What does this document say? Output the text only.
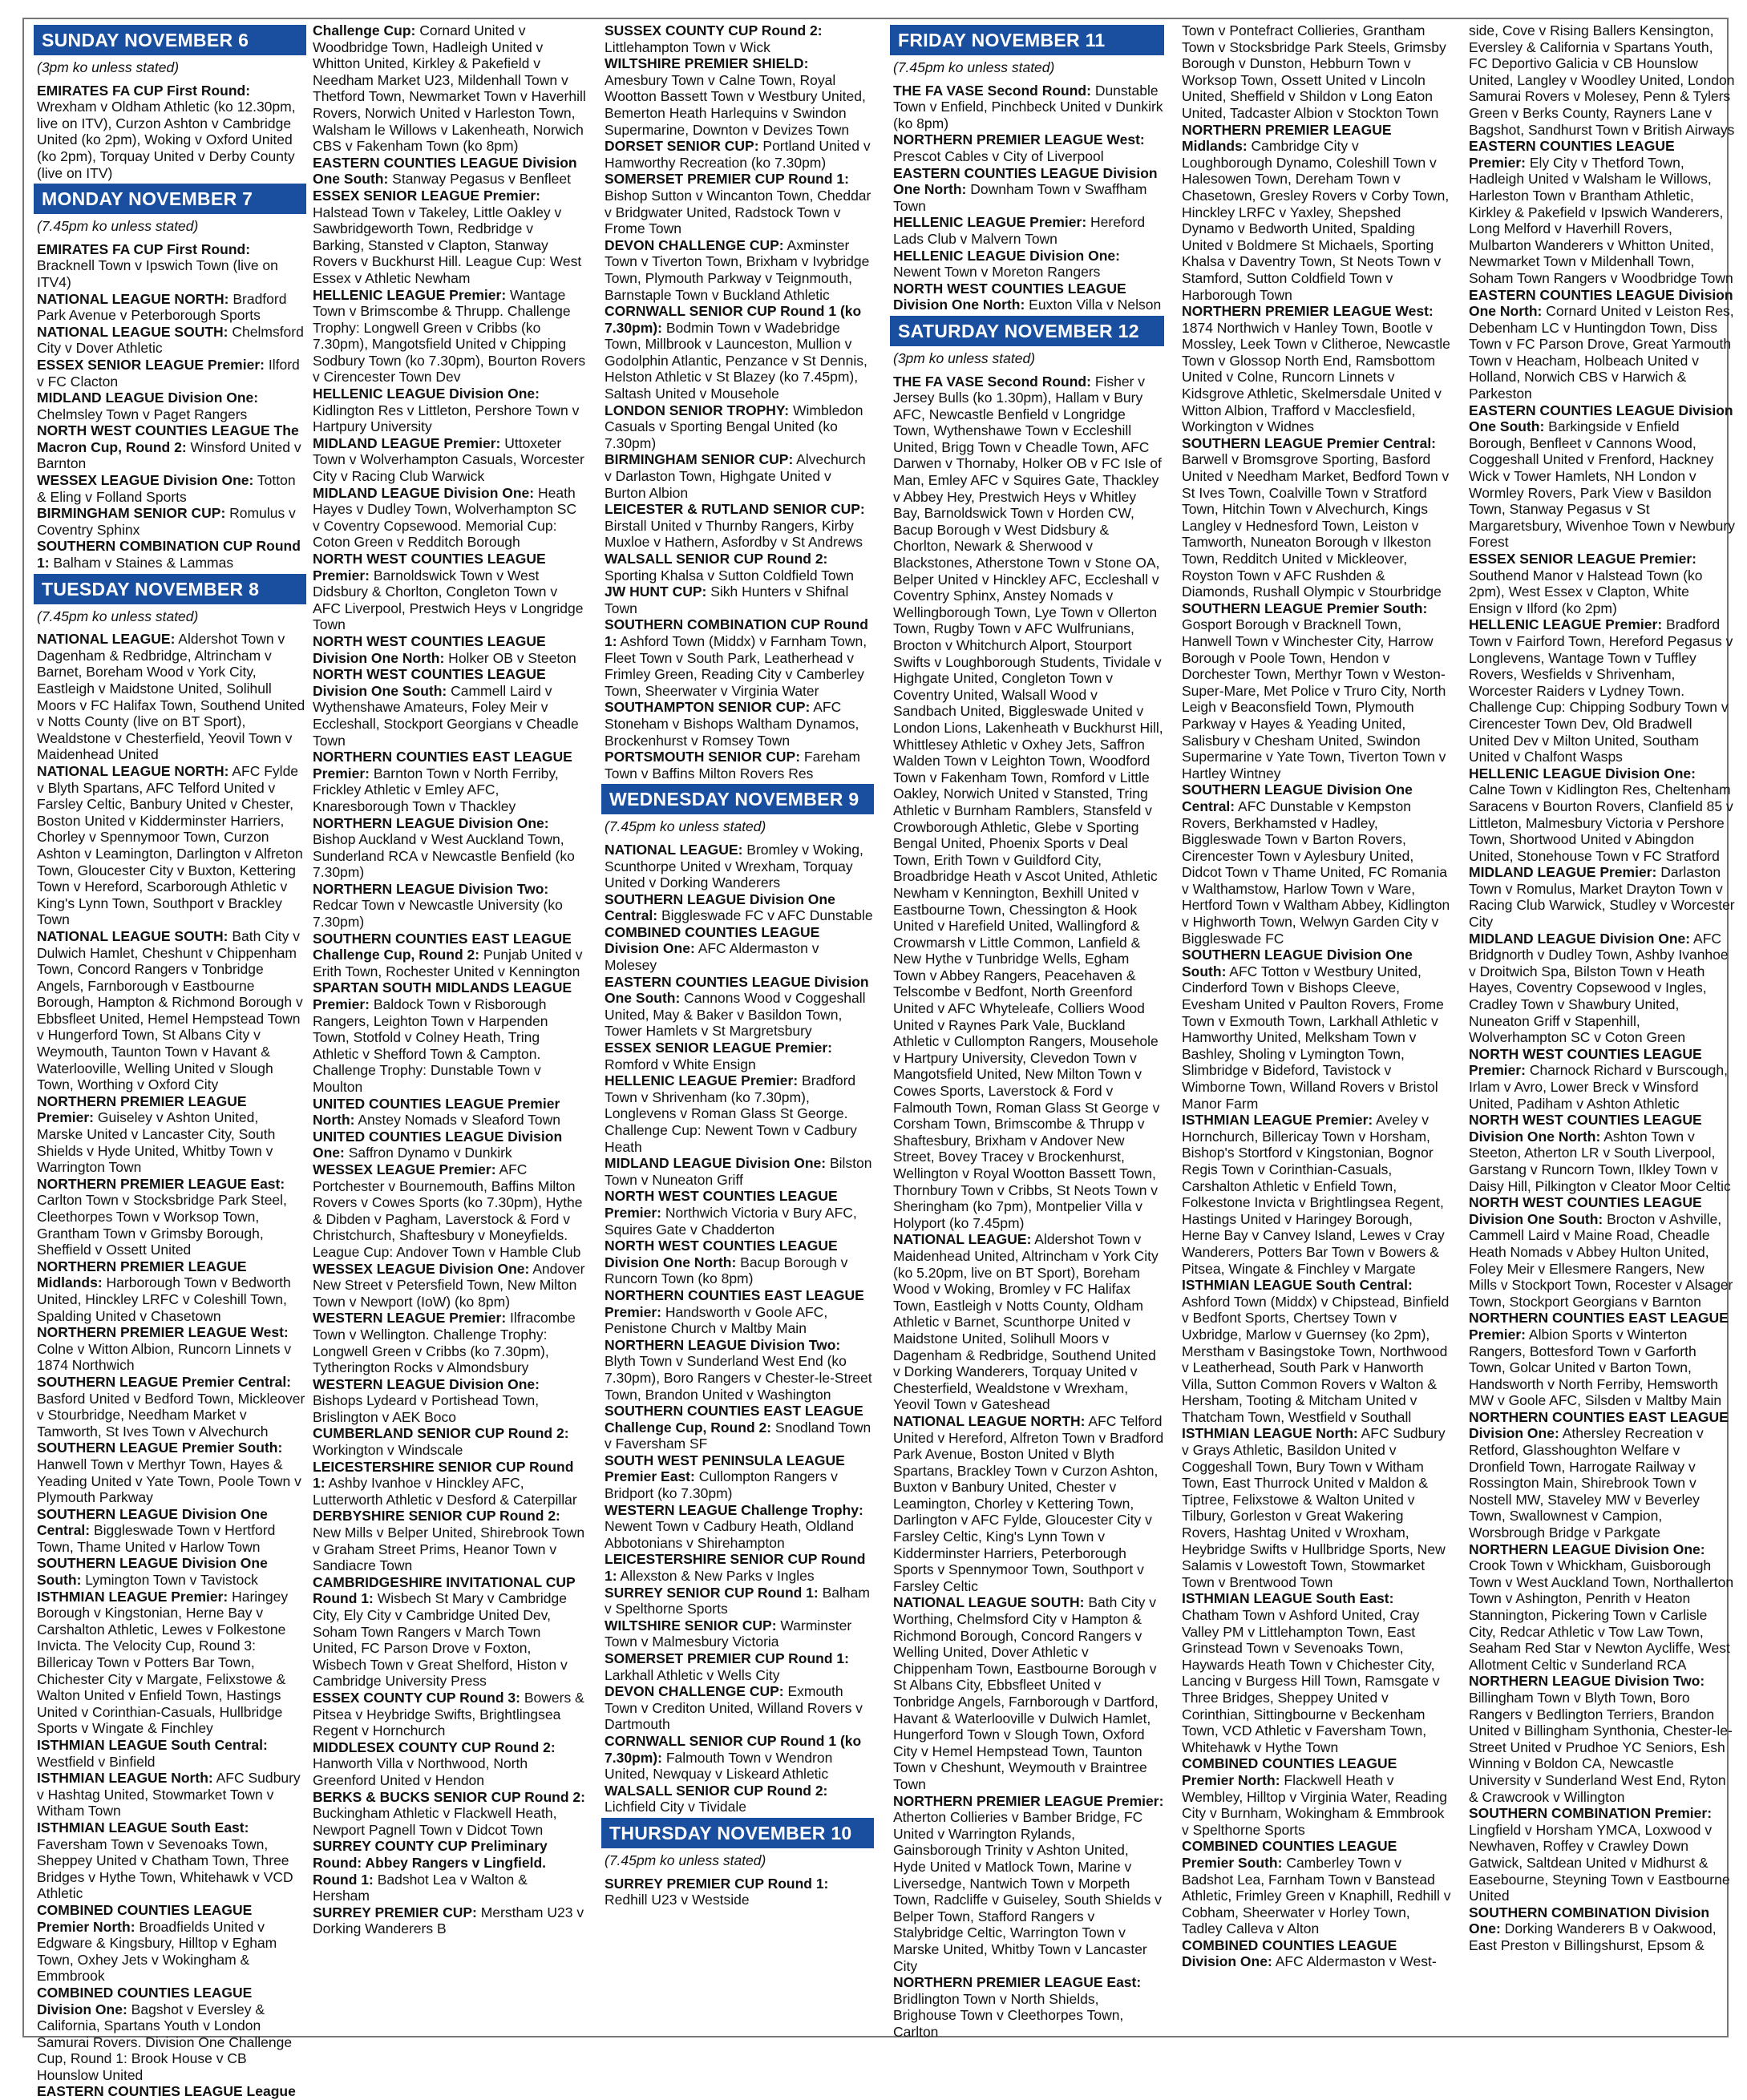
SUNDAY NOVEMBER 6
(3pm ko unless stated)
EMIRATES FA CUP First Round: Wrexham v Oldham Athletic (ko 12.30pm, live on ITV), Curzon Ashton v Cambridge United (ko 2pm), Woking v Oxford United (ko 2pm), Torquay United v Derby County (live on ITV)
MONDAY NOVEMBER 7
(7.45pm ko unless stated)
EMIRATES FA CUP First Round: Bracknell Town v Ipswich Town (live on ITV4)
NATIONAL LEAGUE NORTH: Bradford Park Avenue v Peterborough Sports
NATIONAL LEAGUE SOUTH: Chelmsford City v Dover Athletic
ESSEX SENIOR LEAGUE Premier: Ilford v FC Clacton
MIDLAND LEAGUE Division One: Chelmsley Town v Paget Rangers
NORTH WEST COUNTIES LEAGUE The Macron Cup, Round 2: Winsford United v Barnton
WESSEX LEAGUE Division One: Totton & Eling v Folland Sports
BIRMINGHAM SENIOR CUP: Romulus v Coventry Sphinx
SOUTHERN COMBINATION CUP Round 1: Balham v Staines & Lammas
TUESDAY NOVEMBER 8
(7.45pm ko unless stated)
NATIONAL LEAGUE: Aldershot Town v Dagenham & Redbridge, Altrincham v Barnet, Boreham Wood v York City, Eastleigh v Maidstone United, Solihull Moors v FC Halifax Town, Southend United v Notts County (live on BT Sport), Wealdstone v Chesterfield, Yeovil Town v Maidenhead United
NATIONAL LEAGUE NORTH: AFC Fylde v Blyth Spartans, AFC Telford United v Farsley Celtic, Banbury United v Chester, Boston United v Kidderminster Harriers, Chorley v Spennymoor Town, Curzon Ashton v Leamington, Darlington v Alfreton Town, Gloucester City v Buxton, Kettering Town v Hereford, Scarborough Athletic v King's Lynn Town, Southport v Brackley Town
NATIONAL LEAGUE SOUTH: Bath City v Dulwich Hamlet, Cheshunt v Chippenham Town, Concord Rangers v Tonbridge Angels, Farnborough v Eastbourne Borough, Hampton & Richmond Borough v Ebbsfleet United, Hemel Hempstead Town v Hungerford Town, St Albans City v Weymouth, Taunton Town v Havant & Waterlooville, Welling United v Slough Town, Worthing v Oxford City
NORTHERN PREMIER LEAGUE Premier: Guiseley v Ashton United, Marske United v Lancaster City, South Shields v Hyde United, Whitby Town v Warrington Town
NORTHERN PREMIER LEAGUE East: Carlton Town v Stocksbridge Park Steel, Cleethorpes Town v Worksop Town, Grantham Town v Grimsby Borough, Sheffield v Ossett United
NORTHERN PREMIER LEAGUE Midlands: Harborough Town v Bedworth United, Hinckley LRFC v Coleshill Town, Spalding United v Chasetown
NORTHERN PREMIER LEAGUE West: Colne v Witton Albion, Runcorn Linnets v 1874 Northwich
SOUTHERN LEAGUE Premier Central: Basford United v Bedford Town, Mickleover v Stourbridge, Needham Market v Tamworth, St Ives Town v Alvechurch
SOUTHERN LEAGUE Premier South: Hanwell Town v Merthyr Town, Hayes & Yeading United v Yate Town, Poole Town v Plymouth Parkway
SOUTHERN LEAGUE Division One Central: Biggleswade Town v Hertford Town, Thame United v Harlow Town
SOUTHERN LEAGUE Division One South: Lymington Town v Tavistock
ISTHMIAN LEAGUE Premier: Haringey Borough v Kingstonian, Herne Bay v Carshalton Athletic, Lewes v Folkestone Invicta. The Velocity Cup, Round 3: Billericay Town v Potters Bar Town, Chichester City v Margate, Felixstowe & Walton United v Enfield Town, Hastings United v Corinthian-Casuals, Hullbridge Sports v Wingate & Finchley
ISTHMIAN LEAGUE South Central: Westfield v Binfield
ISTHMIAN LEAGUE North: AFC Sudbury v Hashtag United, Stowmarket Town v Witham Town
ISTHMIAN LEAGUE South East: Faversham Town v Sevenoaks Town, Sheppey United v Chatham Town, Three Bridges v Hythe Town, Whitehawk v VCD Athletic
COMBINED COUNTIES LEAGUE Premier North: Broadfields United v Edgware & Kingsbury, Hilltop v Egham Town, Oxhey Jets v Wokingham & Emmbrook
COMBINED COUNTIES LEAGUE Division One: Bagshot v Eversley & California, Spartans Youth v London Samurai Rovers. Division One Challenge Cup, Round 1: Brook House v CB Hounslow United
EASTERN COUNTIES LEAGUE League
Challenge Cup: Cornard United v Woodbridge Town, Hadleigh United v Whitton United, Kirkley & Pakefield v Needham Market U23, Mildenhall Town v Thetford Town, Newmarket Town v Haverhill Rovers, Norwich United v Harleston Town, Walsham le Willows v Lakenheath, Norwich CBS v Fakenham Town (ko 8pm)
EASTERN COUNTIES LEAGUE Division One South: Stanway Pegasus v Benfleet
ESSEX SENIOR LEAGUE Premier: Halstead Town v Takeley, Little Oakley v Sawbridgeworth Town, Redbridge v Barking, Stansted v Clapton, Stanway Rovers v Buckhurst Hill. League Cup: West Essex v Athletic Newham
HELLENIC LEAGUE Premier: Wantage Town v Brimscombe & Thrupp. Challenge Trophy: Longwell Green v Cribbs (ko 7.30pm), Mangotsfield United v Chipping Sodbury Town (ko 7.30pm), Bourton Rovers v Cirencester Town Dev
HELLENIC LEAGUE Division One: Kidlington Res v Littleton, Pershore Town v Hartpury University
MIDLAND LEAGUE Premier: Uttoxeter Town v Wolverhampton Casuals, Worcester City v Racing Club Warwick
MIDLAND LEAGUE Division One: Heath Hayes v Dudley Town, Wolverhampton SC v Coventry Copsewood. Memorial Cup: Coton Green v Redditch Borough
NORTH WEST COUNTIES LEAGUE Premier: Barnoldswick Town v West Didsbury & Chorlton, Congleton Town v AFC Liverpool, Prestwich Heys v Longridge Town
NORTH WEST COUNTIES LEAGUE Division One North: Holker OB v Steeton
NORTH WEST COUNTIES LEAGUE Division One South: Cammell Laird v Wythenshawe Amateurs, Foley Meir v Eccleshall, Stockport Georgians v Cheadle Town
NORTHERN COUNTIES EAST LEAGUE Premier: Barnton Town v North Ferriby, Frickley Athletic v Emley AFC, Knaresborough Town v Thackley
NORTHERN LEAGUE Division One: Bishop Auckland v West Auckland Town, Sunderland RCA v Newcastle Benfield (ko 7.30pm)
NORTHERN LEAGUE Division Two: Redcar Town v Newcastle University (ko 7.30pm)
SOUTHERN COUNTIES EAST LEAGUE Challenge Cup, Round 2: Punjab United v Erith Town, Rochester United v Kennington
SPARTAN SOUTH MIDLANDS LEAGUE Premier: Baldock Town v Risborough Rangers, Leighton Town v Harpenden Town, Stotfold v Colney Heath, Tring Athletic v Shefford Town & Campton. Challenge Trophy: Dunstable Town v Moulton
UNITED COUNTIES LEAGUE Premier North: Anstey Nomads v Sleaford Town
UNITED COUNTIES LEAGUE Division One: Saffron Dynamo v Dunkirk
WESSEX LEAGUE Premier: AFC Portchester v Bournemouth, Baffins Milton Rovers v Cowes Sports (ko 7.30pm), Hythe & Dibden v Pagham, Laverstock & Ford v Christchurch, Shaftesbury v Moneyfields. League Cup: Andover Town v Hamble Club
WESSEX LEAGUE Division One: Andover New Street v Petersfield Town, New Milton Town v Newport (IoW) (ko 8pm)
WESTERN LEAGUE Premier: Ilfracombe Town v Wellington. Challenge Trophy: Longwell Green v Cribbs (ko 7.30pm), Tytherington Rocks v Almondsbury
WESTERN LEAGUE Division One: Bishops Lydeard v Portishead Town, Brislington v AEK Boco
CUMBERLAND SENIOR CUP Round 2: Workington v Windscale
LEICESTERSHIRE SENIOR CUP Round 1: Ashby Ivanhoe v Hinckley AFC, Lutterworth Athletic v Desford & Caterpillar
DERBYSHIRE SENIOR CUP Round 2: New Mills v Belper United, Shirebrook Town v Graham Street Prims, Heanor Town v Sandiacre Town
CAMBRIDGESHIRE INVITATIONAL CUP Round 1: Wisbech St Mary v Cambridge City, Ely City v Cambridge United Dev, Soham Town Rangers v March Town United, FC Parson Drove v Foxton, Wisbech Town v Great Shelford, Histon v Cambridge University Press
ESSEX COUNTY CUP Round 3: Bowers & Pitsea v Heybridge Swifts, Brightlingsea Regent v Hornchurch
MIDDLESEX COUNTY CUP Round 2: Hanworth Villa v Northwood, North Greenford United v Hendon
BERKS & BUCKS SENIOR CUP Round 2: Buckingham Athletic v Flackwell Heath, Newport Pagnell Town v Didcot Town
SURREY COUNTY CUP Preliminary Round: Abbey Rangers v Lingfield. Round 1: Badshot Lea v Walton & Hersham
SURREY PREMIER CUP: Merstham U23 v Dorking Wanderers B
SUSSEX COUNTY CUP Round 2: Littlehampton Town v Wick
WILTSHIRE PREMIER SHIELD: Amesbury Town v Calne Town, Royal Wootton Bassett Town v Westbury United, Bemerton Heath Harlequins v Swindon Supermarine, Downton v Devizes Town
DORSET SENIOR CUP: Portland United v Hamworthy Recreation (ko 7.30pm)
SOMERSET PREMIER CUP Round 1: Bishop Sutton v Wincanton Town, Cheddar v Bridgwater United, Radstock Town v Frome Town
DEVON CHALLENGE CUP: Axminster Town v Tiverton Town, Brixham v Ivybridge Town, Plymouth Parkway v Teignmouth, Barnstaple Town v Buckland Athletic
CORNWALL SENIOR CUP Round 1 (ko 7.30pm): Bodmin Town v Wadebridge Town, Millbrook v Launceston, Mullion v Godolphin Atlantic, Penzance v St Dennis, Helston Athletic v St Blazey (ko 7.45pm), Saltash United v Mousehole
LONDON SENIOR TROPHY: Wimbledon Casuals v Sporting Bengal United (ko 7.30pm)
BIRMINGHAM SENIOR CUP: Alvechurch v Darlaston Town, Highgate United v Burton Albion
LEICESTER & RUTLAND SENIOR CUP: Birstall United v Thurnby Rangers, Kirby Muxloe v Hathern, Asfordby v St Andrews
WALSALL SENIOR CUP Round 2: Sporting Khalsa v Sutton Coldfield Town
JW HUNT CUP: Sikh Hunters v Shifnal Town
SOUTHERN COMBINATION CUP Round 1: Ashford Town (Middx) v Farnham Town, Fleet Town v South Park, Leatherhead v Frimley Green, Reading City v Camberley Town, Sheerwater v Virginia Water
SOUTHAMPTON SENIOR CUP: AFC Stoneham v Bishops Waltham Dynamos, Brockenhurst v Romsey Town
PORTSMOUTH SENIOR CUP: Fareham Town v Baffins Milton Rovers Res
WEDNESDAY NOVEMBER 9
(7.45pm ko unless stated)
NATIONAL LEAGUE: Bromley v Woking, Scunthorpe United v Wrexham, Torquay United v Dorking Wanderers
SOUTHERN LEAGUE Division One Central: Biggleswade FC v AFC Dunstable
COMBINED COUNTIES LEAGUE Division One: AFC Aldermaston v Molesey
EASTERN COUNTIES LEAGUE Division One South: Cannons Wood v Coggeshall United, May & Baker v Basildon Town, Tower Hamlets v St Margretsbury
ESSEX SENIOR LEAGUE Premier: Romford v White Ensign
HELLENIC LEAGUE Premier: Bradford Town v Shrivenham (ko 7.30pm), Longlevens v Roman Glass St George. Challenge Cup: Newent Town v Cadbury Heath
MIDLAND LEAGUE Division One: Bilston Town v Nuneaton Griff
NORTH WEST COUNTIES LEAGUE Premier: Northwich Victoria v Bury AFC, Squires Gate v Chadderton
NORTH WEST COUNTIES LEAGUE Division One North: Bacup Borough v Runcorn Town (ko 8pm)
NORTHERN COUNTIES EAST LEAGUE Premier: Handsworth v Goole AFC, Penistone Church v Maltby Main
NORTHERN LEAGUE Division Two: Blyth Town v Sunderland West End (ko 7.30pm), Boro Rangers v Chester-le-Street Town, Brandon United v Washington
SOUTHERN COUNTIES EAST LEAGUE Challenge Cup, Round 2: Snodland Town v Faversham SF
SOUTH WEST PENINSULA LEAGUE Premier East: Cullompton Rangers v Bridport (ko 7.30pm)
WESTERN LEAGUE Challenge Trophy: Newent Town v Cadbury Heath, Oldland Abbotonians v Shirehampton
LEICESTERSHIRE SENIOR CUP Round 1: Allexston & New Parks v Ingles
SURREY SENIOR CUP Round 1: Balham v Spelthorne Sports
WILTSHIRE SENIOR CUP: Warminster Town v Malmesbury Victoria
SOMERSET PREMIER CUP Round 1: Larkhall Athletic v Wells City
DEVON CHALLENGE CUP: Exmouth Town v Crediton United, Willand Rovers v Dartmouth
CORNWALL SENIOR CUP Round 1 (ko 7.30pm): Falmouth Town v Wendron United, Newquay v Liskeard Athletic
WALSALL SENIOR CUP Round 2: Lichfield City v Tividale
THURSDAY NOVEMBER 10
(7.45pm ko unless stated)
SURREY PREMIER CUP Round 1: Redhill U23 v Westside
FRIDAY NOVEMBER 11
(7.45pm ko unless stated)
THE FA VASE Second Round: Dunstable Town v Enfield, Pinchbeck United v Dunkirk (ko 8pm)
NORTHERN PREMIER LEAGUE West: Prescot Cables v City of Liverpool
EASTERN COUNTIES LEAGUE Division One North: Downham Town v Swaffham Town
HELLENIC LEAGUE Premier: Hereford Lads Club v Malvern Town
HELLENIC LEAGUE Division One: Newent Town v Moreton Rangers
NORTH WEST COUNTIES LEAGUE Division One North: Euxton Villa v Nelson
SATURDAY NOVEMBER 12
(3pm ko unless stated)
THE FA VASE Second Round: Fisher v Jersey Bulls (ko 1.30pm), Hallam v Bury AFC, Newcastle Benfield v Longridge Town, Wythenshawe Town v Eccleshill United, Brigg Town v Cheadle Town, AFC Darwen v Thornaby, Holker OB v FC Isle of Man, Emley AFC v Squires Gate, Thackley v Abbey Hey, Prestwich Heys v Whitley Bay, Barnoldswick Town v Horden CW, Bacup Borough v West Didsbury & Chorlton, Newark & Sherwood v Blackstones, Atherstone Town v Stone OA, Belper United v Hinckley AFC, Eccleshall v Coventry Sphinx, Anstey Nomads v Wellingborough Town, Lye Town v Ollerton Town, Rugby Town v AFC Wulfrunians, Brocton v Whitchurch Alport, Stourport Swifts v Loughborough Students, Tividale v Highgate United, Congleton Town v Coventry United, Walsall Wood v Sandbach United, Biggleswade United v London Lions, Lakenheath v Buckhurst Hill, Whittlesey Athletic v Oxhey Jets, Saffron Walden Town v Leighton Town, Woodford Town v Fakenham Town, Romford v Little Oakley, Norwich United v Stansted, Tring Athletic v Burnham Ramblers, Stansfeld v Crowborough Athletic, Glebe v Sporting Bengal United, Phoenix Sports v Deal Town, Erith Town v Guildford City, Broadbridge Heath v Ascot United, Athletic Newham v Kennington, Bexhill United v Eastbourne Town, Chessington & Hook United v Harefield United, Wallingford & Crowmarsh v Little Common, Lanfield & New Hythe v Tunbridge Wells, Egham Town v Abbey Rangers, Peacehaven & Telscombe v Bedfont, North Greenford United v AFC Whyteleafe, Colliers Wood United v Raynes Park Vale, Buckland Athletic v Cullompton Rangers, Mousehole v Hartpury University, Clevedon Town v Mangotsfield United, New Milton Town v Cowes Sports, Laverstock & Ford v Falmouth Town, Roman Glass St George v Corsham Town, Brimscombe & Thrupp v Shaftesbury, Brixham v Andover New Street, Bovey Tracey v Brockenhurst, Wellington v Royal Wootton Bassett Town, Thornbury Town v Cribbs, St Neots Town v Sheringham (ko 7pm), Montpelier Villa v Holyport (ko 7.45pm)
NATIONAL LEAGUE: Aldershot Town v Maidenhead United, Altrincham v York City (ko 5.20pm, live on BT Sport), Boreham Wood v Woking, Bromley v FC Halifax Town, Eastleigh v Notts County, Oldham Athletic v Barnet, Scunthorpe United v Maidstone United, Solihull Moors v Dagenham & Redbridge, Southend United v Dorking Wanderers, Torquay United v Chesterfield, Wealdstone v Wrexham, Yeovil Town v Gateshead
NATIONAL LEAGUE NORTH: AFC Telford United v Hereford, Alfreton Town v Bradford Park Avenue, Boston United v Blyth Spartans, Brackley Town v Curzon Ashton, Buxton v Banbury United, Chester v Leamington, Chorley v Kettering Town, Darlington v AFC Fylde, Gloucester City v Farsley Celtic, King's Lynn Town v Kidderminster Harriers, Peterborough Sports v Spennymoor Town, Southport v Farsley Celtic
NATIONAL LEAGUE SOUTH: Bath City v Worthing, Chelmsford City v Hampton & Richmond Borough, Concord Rangers v Welling United, Dover Athletic v Chippenham Town, Eastbourne Borough v St Albans City, Ebbsfleet United v Tonbridge Angels, Farnborough v Dartford, Havant & Waterlooville v Dulwich Hamlet, Hungerford Town v Slough Town, Oxford City v Hemel Hempstead Town, Taunton Town v Cheshunt, Weymouth v Braintree Town
NORTHERN PREMIER LEAGUE Premier: Atherton Collieries v Bamber Bridge, FC United v Warrington Rylands, Gainsborough Trinity v Ashton United, Hyde United v Matlock Town, Marine v Liversedge, Nantwich Town v Morpeth Town, Radcliffe v Guiseley, South Shields v Belper Town, Stafford Rangers v Stalybridge Celtic, Warrington Town v Marske United, Whitby Town v Lancaster City
NORTHERN PREMIER LEAGUE East: Bridlington Town v North Shields, Brighouse Town v Cleethorpes Town, Carlton
Town v Pontefract Collieries, Grantham Town v Stocksbridge Park Steels, Grimsby Borough v Dunston, Hebburn Town v Worksop Town, Ossett United v Lincoln United, Sheffield v Shildon v Long Eaton United, Tadcaster Albion v Stockton Town
NORTHERN PREMIER LEAGUE Midlands: Cambridge City v Loughborough Dynamo, Coleshill Town v Halesowen Town, Dereham Town v Chasetown, Gresley Rovers v Corby Town, Hinckley LRFC v Yaxley, Shepshed Dynamo v Bedworth United, Spalding United v Boldmere St Michaels, Sporting Khalsa v Daventry Town, St Neots Town v Stamford, Sutton Coldfield Town v Harborough Town
NORTHERN PREMIER LEAGUE West: 1874 Northwich v Hanley Town, Bootle v Mossley, Leek Town v Clitheroe, Newcastle Town v Glossop North End, Ramsbottom United v Colne, Runcorn Linnets v Kidsgrove Athletic, Skelmersdale United v Witton Albion, Trafford v Macclesfield, Workington v Widnes
SOUTHERN LEAGUE Premier Central: Barwell v Bromsgrove Sporting, Basford United v Needham Market, Bedford Town v St Ives Town, Coalville Town v Stratford Town, Hitchin Town v Alvechurch, Kings Langley v Hednesford Town, Leiston v Tamworth, Nuneaton Borough v Ilkeston Town, Redditch United v Mickleover, Royston Town v AFC Rushden & Diamonds, Rushall Olympic v Stourbridge
SOUTHERN LEAGUE Premier South: Gosport Borough v Bracknell Town, Hanwell Town v Winchester City, Harrow Borough v Poole Town, Hendon v Dorchester Town, Merthyr Town v Weston-Super-Mare, Met Police v Truro City, North Leigh v Beaconsfield Town, Plymouth Parkway v Hayes & Yeading United, Salisbury v Chesham United, Swindon Supermarine v Yate Town, Tiverton Town v Hartley Wintney
SOUTHERN LEAGUE Division One Central: AFC Dunstable v Kempston Rovers, Berkhamsted v Hadley, Biggleswade Town v Barton Rovers, Cirencester Town v Aylesbury United, Didcot Town v Thame United, FC Romania v Walthamstow, Harlow Town v Ware, Hertford Town v Waltham Abbey, Kidlington v Highworth Town, Welwyn Garden City v Biggleswade FC
SOUTHERN LEAGUE Division One South: AFC Totton v Westbury United, Cinderford Town v Bishops Cleeve, Evesham United v Paulton Rovers, Frome Town v Exmouth Town, Larkhall Athletic v Hamworthy United, Melksham Town v Bashley, Sholing v Lymington Town, Slimbridge v Bideford, Tavistock v Wimborne Town, Willand Rovers v Bristol Manor Farm
ISTHMIAN LEAGUE Premier: Aveley v Hornchurch, Billericay Town v Horsham, Bishop's Stortford v Kingstonian, Bognor Regis Town v Corinthian-Casuals, Carshalton Athletic v Enfield Town, Folkestone Invicta v Brightlingsea Regent, Hastings United v Haringey Borough, Herne Bay v Canvey Island, Lewes v Cray Wanderers, Potters Bar Town v Bowers & Pitsea, Wingate & Finchley v Margate
ISTHMIAN LEAGUE South Central: Ashford Town (Middx) v Chipstead, Binfield v Bedfont Sports, Chertsey Town v Uxbridge, Marlow v Guernsey (ko 2pm), Merstham v Basingstoke Town, Northwood v Leatherhead, South Park v Hanworth Villa, Sutton Common Rovers v Walton & Hersham, Tooting & Mitcham United v Thatcham Town, Westfield v Southall
ISTHMIAN LEAGUE North: AFC Sudbury v Grays Athletic, Basildon United v Coggeshall Town, Bury Town v Witham Town, East Thurrock United v Maldon & Tiptree, Felixstowe & Walton United v Tilbury, Gorleston v Great Wakering Rovers, Hashtag United v Wroxham, Heybridge Swifts v Hullbridge Sports, New Salamis v Lowestoft Town, Stowmarket Town v Brentwood Town
ISTHMIAN LEAGUE South East: Chatham Town v Ashford United, Cray Valley PM v Littlehampton Town, East Grinstead Town v Sevenoaks Town, Haywards Heath Town v Chichester City, Lancing v Burgess Hill Town, Ramsgate v Three Bridges, Sheppey United v Corinthian, Sittingbourne v Beckenham Town, VCD Athletic v Faversham Town, Whitehawk v Hythe Town
COMBINED COUNTIES LEAGUE Premier North: Flackwell Heath v Wembley, Hilltop v Virginia Water, Reading City v Burnham, Wokingham & Emmbrook v Spelthorne Sports
COMBINED COUNTIES LEAGUE Premier South: Camberley Town v Badshot Lea, Farnham Town v Banstead Athletic, Frimley Green v Knaphill, Redhill v Cobham, Sheerwater v Horley Town, Tadley Calleva v Alton
COMBINED COUNTIES LEAGUE Division One: AFC Aldermaston v West-
side, Cove v Rising Ballers Kensington, Eversley & California v Spartans Youth, FC Deportivo Galicia v CB Hounslow United, Langley v Woodley United, London Samurai Rovers v Molesey, Penn & Tylers Green v Berks County, Rayners Lane v Bagshot, Sandhurst Town v British Airways
EASTERN COUNTIES LEAGUE Premier: Ely City v Thetford Town, Hadleigh United v Walsham le Willows, Harleston Town v Brantham Athletic, Kirkley & Pakefield v Ipswich Wanderers, Long Melford v Haverhill Rovers, Mulbarton Wanderers v Whitton United, Newmarket Town v Mildenhall Town, Soham Town Rangers v Woodbridge Town
EASTERN COUNTIES LEAGUE Division One North: Cornard United v Leiston Res, Debenham LC v Huntingdon Town, Diss Town v FC Parson Drove, Great Yarmouth Town v Heacham, Holbeach United v Holland, Norwich CBS v Harwich & Parkeston
EASTERN COUNTIES LEAGUE Division One South: Barkingside v Enfield Borough, Benfleet v Cannons Wood, Coggeshall United v Frenford, Hackney Wick v Tower Hamlets, NH London v Wormley Rovers, Park View v Basildon Town, Stanway Pegasus v St Margaretsbury, Wivenhoe Town v Newbury Forest
ESSEX SENIOR LEAGUE Premier: Southend Manor v Halstead Town (ko 2pm), West Essex v Clapton, White Ensign v Ilford (ko 2pm)
HELLENIC LEAGUE Premier: Bradford Town v Fairford Town, Hereford Pegasus v Longlevens, Wantage Town v Tuffley Rovers, Wesfields v Shrivenham, Worcester Raiders v Lydney Town. Challenge Cup: Chipping Sodbury Town v Cirencester Town Dev, Old Bradwell United Dev v Milton United, Southam United v Chalfont Wasps
HELLENIC LEAGUE Division One: Calne Town v Kidlington Res, Cheltenham Saracens v Bourton Rovers, Clanfield 85 v Littleton, Malmesbury Victoria v Pershore Town, Shortwood United v Abingdon United, Stonehouse Town v FC Stratford
MIDLAND LEAGUE Premier: Darlaston Town v Romulus, Market Drayton Town v Racing Club Warwick, Studley v Worcester City
MIDLAND LEAGUE Division One: AFC Bridgnorth v Dudley Town, Ashby Ivanhoe v Droitwich Spa, Bilston Town v Heath Hayes, Coventry Copsewood v Ingles, Cradley Town v Shawbury United, Nuneaton Griff v Stapenhill, Wolverhampton SC v Coton Green
NORTH WEST COUNTIES LEAGUE Premier: Charnock Richard v Burscough, Irlam v Avro, Lower Breck v Winsford United, Padiham v Ashton Athletic
NORTH WEST COUNTIES LEAGUE Division One North: Ashton Town v Steeton, Atherton LR v South Liverpool, Garstang v Runcorn Town, Ilkley Town v Daisy Hill, Pilkington v Cleator Moor Celtic
NORTH WEST COUNTIES LEAGUE Division One South: Brocton v Ashville, Cammell Laird v Maine Road, Cheadle Heath Nomads v Abbey Hulton United, Foley Meir v Ellesmere Rangers, New Mills v Stockport Town, Rocester v Alsager Town, Stockport Georgians v Barnton
NORTHERN COUNTIES EAST LEAGUE Premier: Albion Sports v Winterton Rangers, Bottesford Town v Garforth Town, Golcar United v Barton Town, Handsworth v North Ferriby, Hemsworth MW v Goole AFC, Silsden v Maltby Main
NORTHERN COUNTIES EAST LEAGUE Division One: Athersley Recreation v Retford, Glasshoughton Welfare v Dronfield Town, Harrogate Railway v Rossington Main, Shirebrook Town v Nostell MW, Staveley MW v Beverley Town, Swallownest v Campion, Worsbrough Bridge v Parkgate
NORTHERN LEAGUE Division One: Crook Town v Whickham, Guisborough Town v West Auckland Town, Northallerton Town v Ashington, Penrith v Heaton Stannington, Pickering Town v Carlisle City, Redcar Athletic v Tow Law Town, Seaham Red Star v Newton Aycliffe, West Allotment Celtic v Sunderland RCA
NORTHERN LEAGUE Division Two: Billingham Town v Blyth Town, Boro Rangers v Bedlington Terriers, Brandon United v Billingham Synthonia, Chester-le-Street United v Prudhoe YC Seniors, Esh Winning v Boldon CA, Newcastle University v Sunderland West End, Ryton & Crawcrook v Willington
SOUTHERN COMBINATION Premier: Lingfield v Horsham YMCA, Loxwood v Newhaven, Roffey v Crawley Down Gatwick, Saltdean United v Midhurst & Easebourne, Steyning Town v Eastbourne United
SOUTHERN COMBINATION Division One: Dorking Wanderers B v Oakwood, East Preston v Billingshurst, Epsom &
